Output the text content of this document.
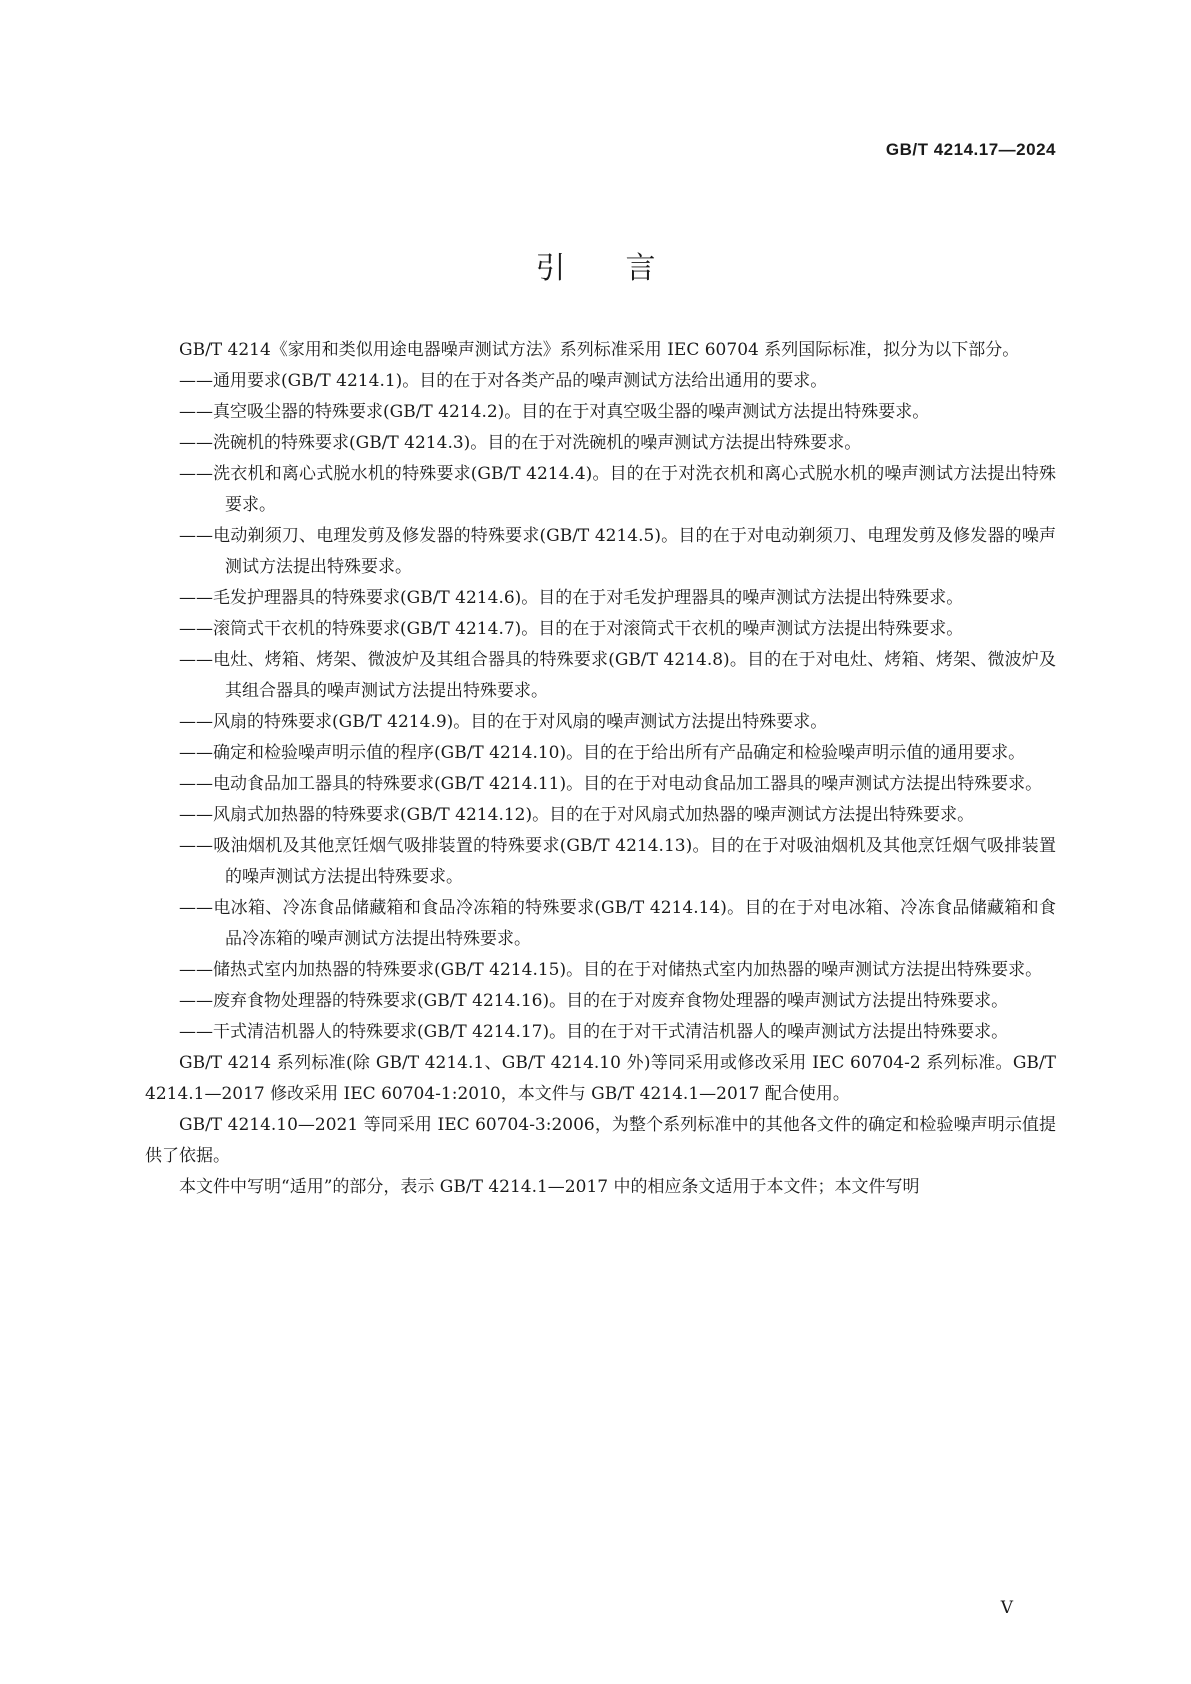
GB/T 4214.17—2024
引言

GB/T 4214《家用和类似用途电器噪声测试方法》系列标准采用 IEC 60704 系列国际标准，拟分为以下部分。

——通用要求(GB/T 4214.1)。目的在于对各类产品的噪声测试方法给出通用的要求。
——真空吸尘器的特殊要求(GB/T 4214.2)。目的在于对真空吸尘器的噪声测试方法提出特殊要求。
——洗碗机的特殊要求(GB/T 4214.3)。目的在于对洗碗机的噪声测试方法提出特殊要求。
——洗衣机和离心式脱水机的特殊要求(GB/T 4214.4)。目的在于对洗衣机和离心式脱水机的噪声测试方法提出特殊要求。
——电动剃须刀、电理发剪及修发器的特殊要求(GB/T 4214.5)。目的在于对电动剃须刀、电理发剪及修发器的噪声测试方法提出特殊要求。
——毛发护理器具的特殊要求(GB/T 4214.6)。目的在于对毛发护理器具的噪声测试方法提出特殊要求。
——滚筒式干衣机的特殊要求(GB/T 4214.7)。目的在于对滚筒式干衣机的噪声测试方法提出特殊要求。
——电灶、烤箱、烤架、微波炉及其组合器具的特殊要求(GB/T 4214.8)。目的在于对电灶、烤箱、烤架、微波炉及其组合器具的噪声测试方法提出特殊要求。
——风扇的特殊要求(GB/T 4214.9)。目的在于对风扇的噪声测试方法提出特殊要求。
——确定和检验噪声明示值的程序(GB/T 4214.10)。目的在于给出所有产品确定和检验噪声明示值的通用要求。
——电动食品加工器具的特殊要求(GB/T 4214.11)。目的在于对电动食品加工器具的噪声测试方法提出特殊要求。
——风扇式加热器的特殊要求(GB/T 4214.12)。目的在于对风扇式加热器的噪声测试方法提出特殊要求。
——吸油烟机及其他烹饪烟气吸排装置的特殊要求(GB/T 4214.13)。目的在于对吸油烟机及其他烹饪烟气吸排装置的噪声测试方法提出特殊要求。
——电冰箱、冷冻食品储藏箱和食品冷冻箱的特殊要求(GB/T 4214.14)。目的在于对电冰箱、冷冻食品储藏箱和食品冷冻箱的噪声测试方法提出特殊要求。
——储热式室内加热器的特殊要求(GB/T 4214.15)。目的在于对储热式室内加热器的噪声测试方法提出特殊要求。
——废弃食物处理器的特殊要求(GB/T 4214.16)。目的在于对废弃食物处理器的噪声测试方法提出特殊要求。
——干式清洁机器人的特殊要求(GB/T 4214.17)。目的在于对干式清洁机器人的噪声测试方法提出特殊要求。

GB/T 4214 系列标准(除 GB/T 4214.1、GB/T 4214.10 外)等同采用或修改采用 IEC 60704-2 系列标准。GB/T 4214.1—2017 修改采用 IEC 60704-1:2010，本文件与 GB/T 4214.1—2017 配合使用。

GB/T 4214.10—2021 等同采用 IEC 60704-3:2006，为整个系列标准中的其他各文件的确定和检验噪声明示值提供了依据。

本文件中写明“适用”的部分，表示 GB/T 4214.1—2017 中的相应条文适用于本文件；本文件写明

V
